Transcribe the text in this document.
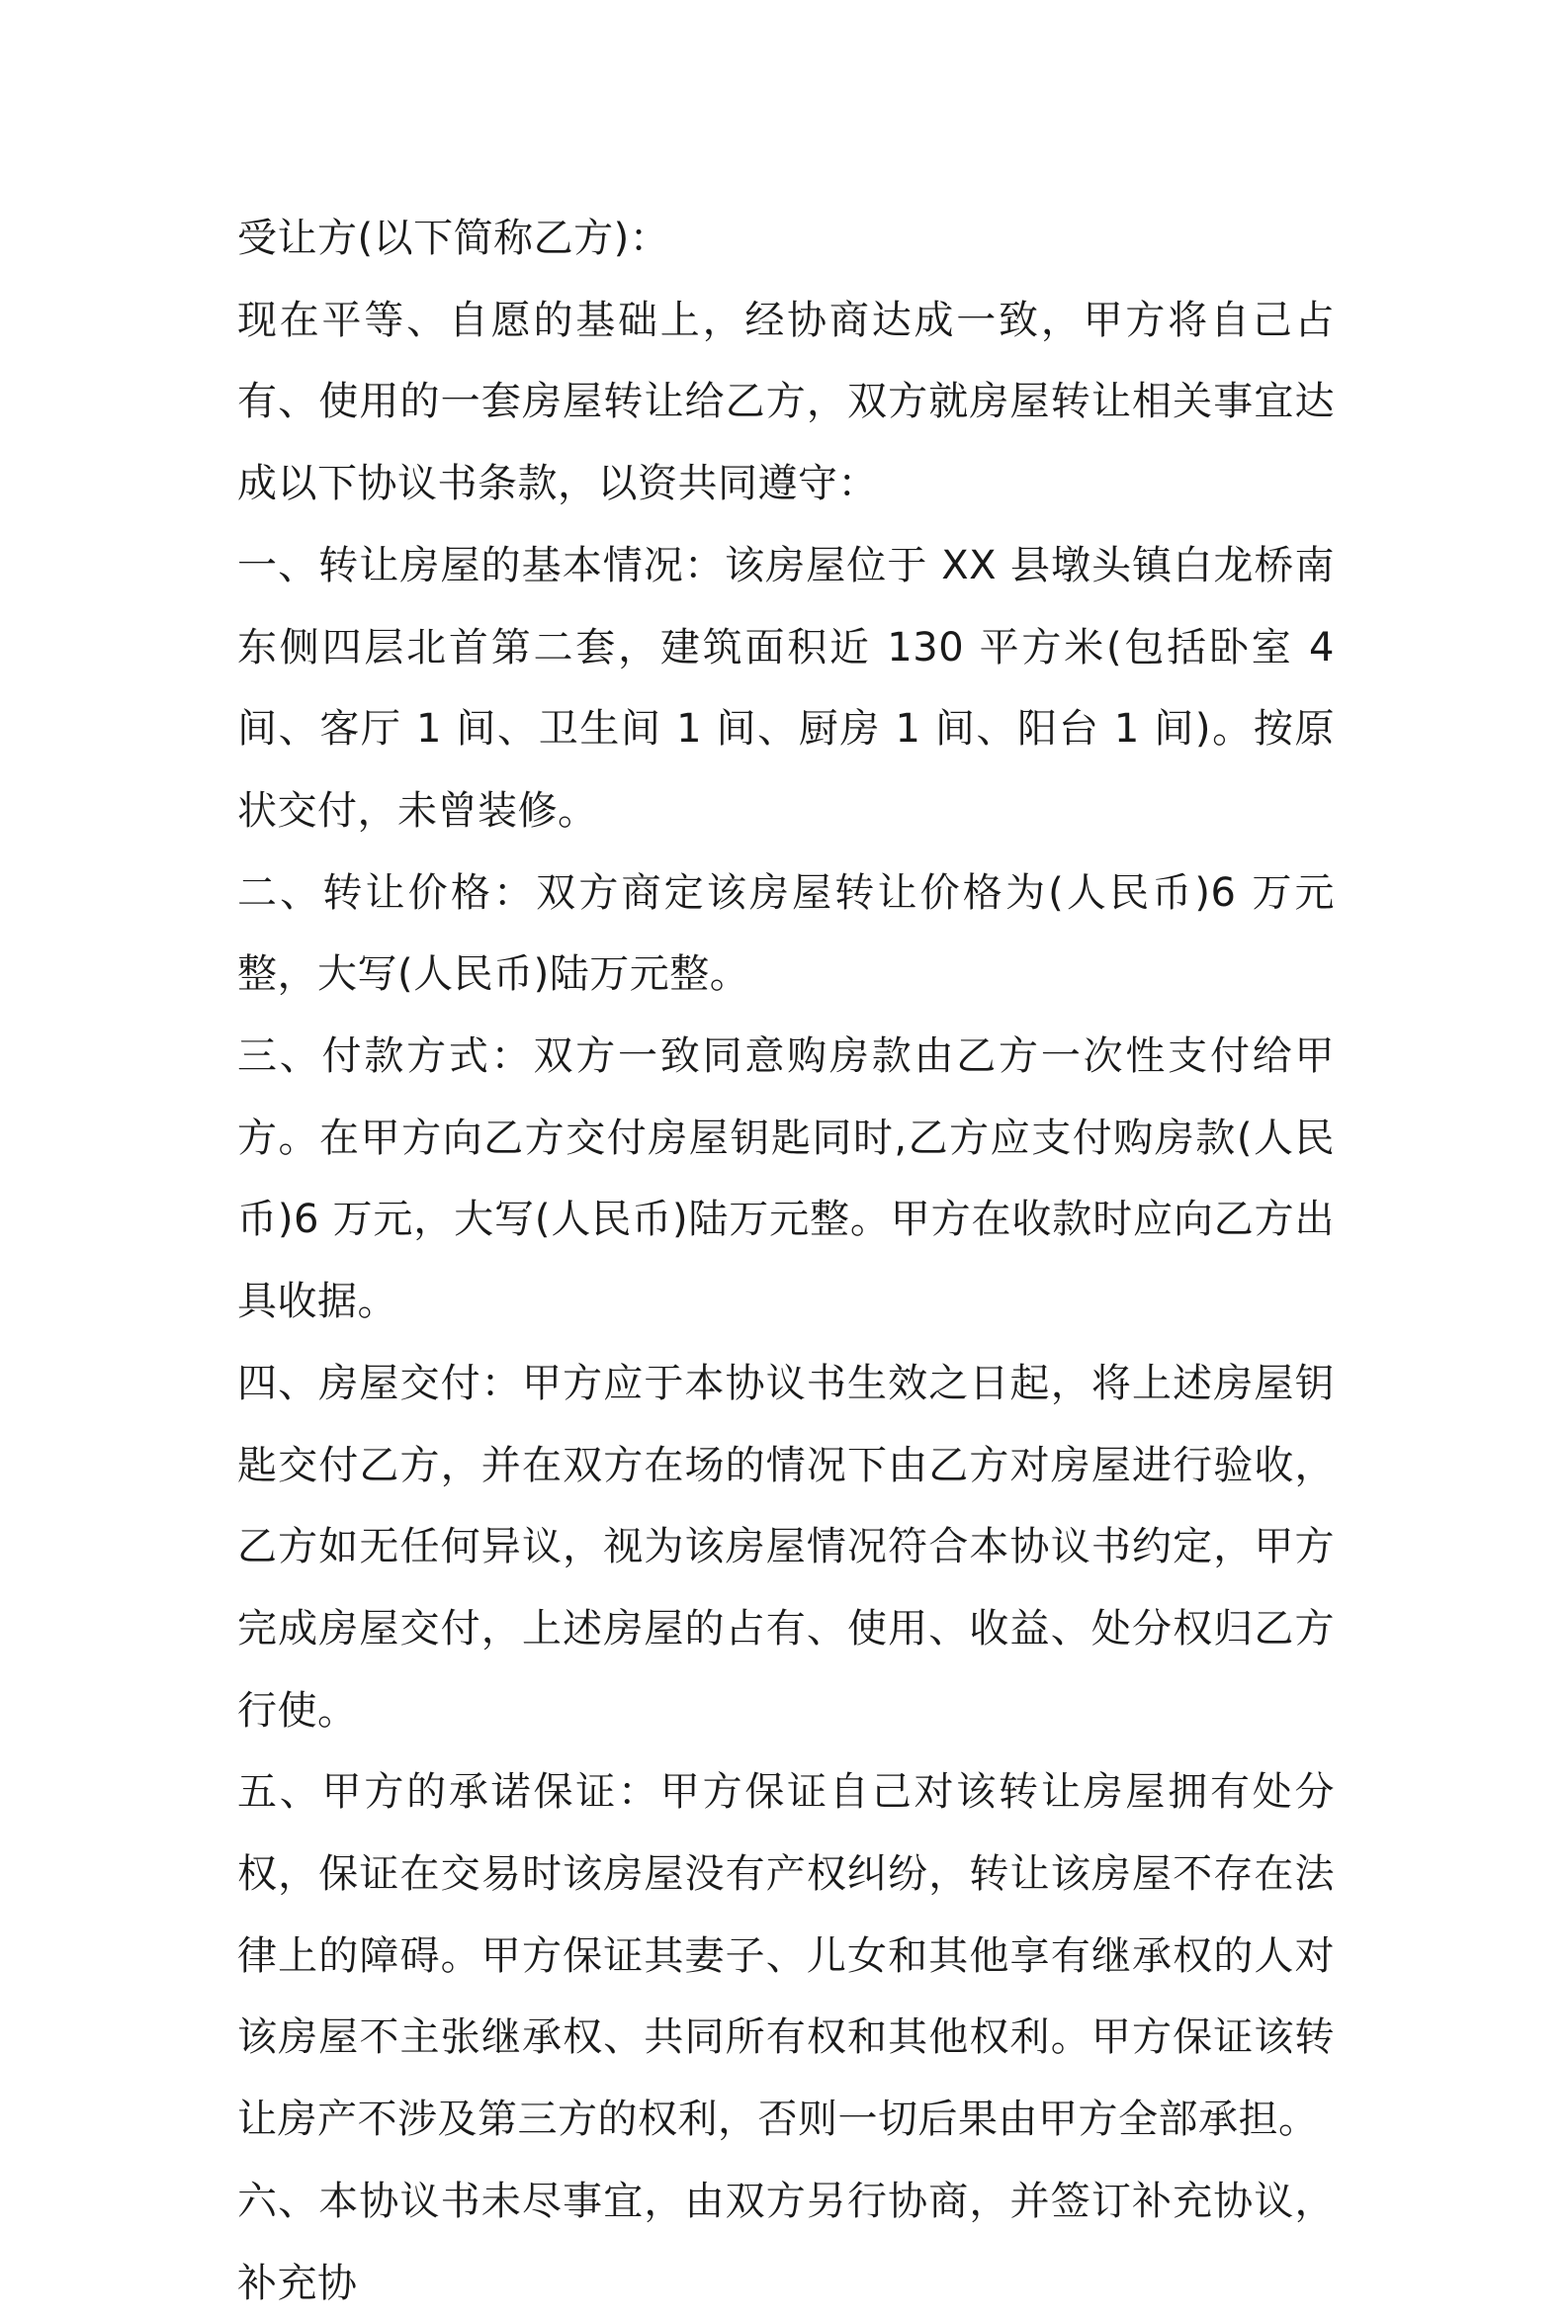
受让方(以下简称乙方)：

现在平等、自愿的基础上，经协商达成一致，甲方将自己占有、使用的一套房屋转让给乙方，双方就房屋转让相关事宜达成以下协议书条款，以资共同遵守：

一、转让房屋的基本情况：该房屋位于 XX 县墩头镇白龙桥南东侧四层北首第二套，建筑面积近 130 平方米(包括卧室 4 间、客厅 1 间、卫生间 1 间、厨房 1 间、阳台 1 间)。按原状交付，未曾装修。

二、转让价格：双方商定该房屋转让价格为(人民币)6 万元整，大写(人民币)陆万元整。

三、付款方式：双方一致同意购房款由乙方一次性支付给甲方。在甲方向乙方交付房屋钥匙同时,乙方应支付购房款(人民币)6 万元，大写(人民币)陆万元整。甲方在收款时应向乙方出具收据。

四、房屋交付：甲方应于本协议书生效之日起，将上述房屋钥匙交付乙方，并在双方在场的情况下由乙方对房屋进行验收，乙方如无任何异议，视为该房屋情况符合本协议书约定，甲方完成房屋交付，上述房屋的占有、使用、收益、处分权归乙方行使。

五、甲方的承诺保证：甲方保证自己对该转让房屋拥有处分权，保证在交易时该房屋没有产权纠纷，转让该房屋不存在法律上的障碍。甲方保证其妻子、儿女和其他享有继承权的人对该房屋不主张继承权、共同所有权和其他权利。甲方保证该转让房产不涉及第三方的权利，否则一切后果由甲方全部承担。

六、本协议书未尽事宜，由双方另行协商，并签订补充协议，补充协
